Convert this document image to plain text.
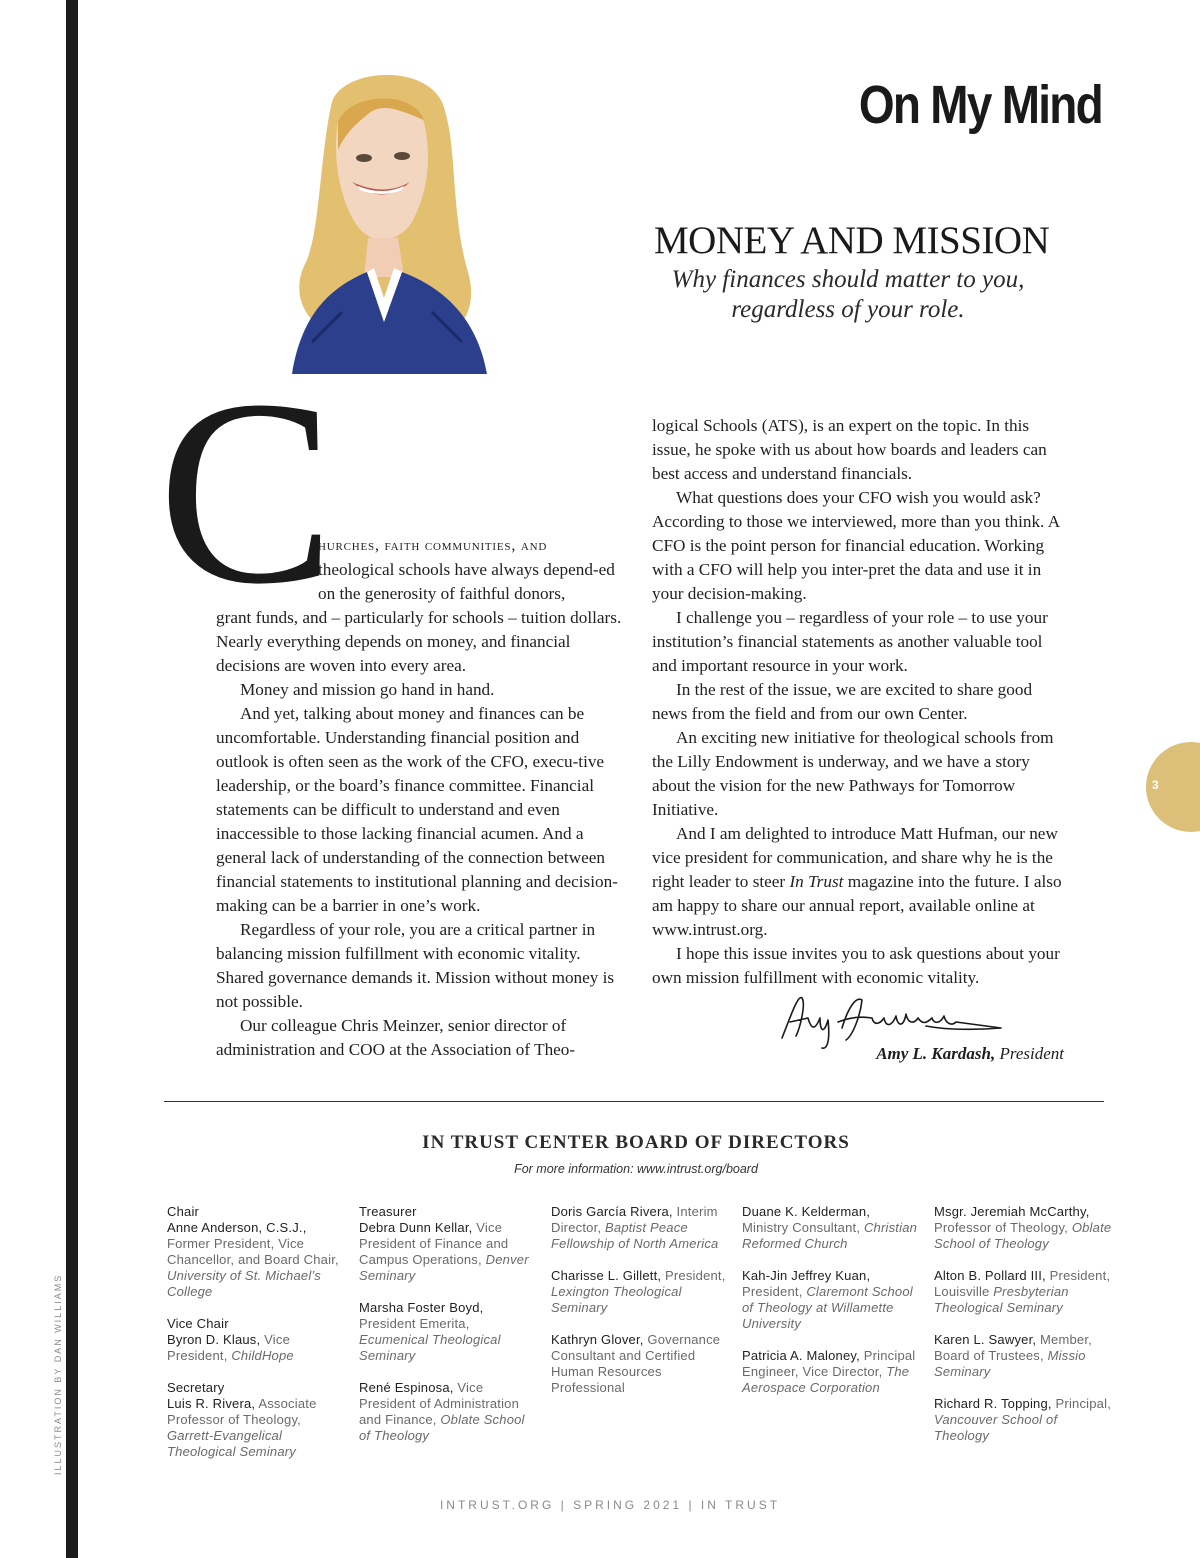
ILLUSTRATION BY DAN WILLIAMS
On My Mind
MONEY AND MISSION
Why finances should matter to you,
regardless of your role.
C
hurches, faith communities, and
theological schools have always depend-ed on the generosity of faithful donors,

grant funds, and – particularly for schools – tuition dollars. Nearly everything depends on money, and financial decisions are woven into every area.

Money and mission go hand in hand.

And yet, talking about money and finances can be uncomfortable. Understanding financial position and outlook is often seen as the work of the CFO, execu-tive leadership, or the board’s finance committee. Financial statements can be difficult to understand and even inaccessible to those lacking financial acumen. And a general lack of understanding of the connection between financial statements to institutional planning and decision-making can be a barrier in one’s work.

Regardless of your role, you are a critical partner in balancing mission fulfillment with economic vitality. Shared governance demands it. Mission without money is not possible.

Our colleague Chris Meinzer, senior director of administration and COO at the Association of Theo-

logical Schools (ATS), is an expert on the topic. In this issue, he spoke with us about how boards and leaders can best access and understand financials.

What questions does your CFO wish you would ask? According to those we interviewed, more than you think. A CFO is the point person for financial education. Working with a CFO will help you inter-pret the data and use it in your decision-making.

I challenge you – regardless of your role – to use your institution’s financial statements as another valuable tool and important resource in your work.

In the rest of the issue, we are excited to share good news from the field and from our own Center.

An exciting new initiative for theological schools from the Lilly Endowment is underway, and we have a story about the vision for the new Pathways for Tomorrow Initiative.

And I am delighted to introduce Matt Hufman, our new vice president for communication, and share why he is the right leader to steer In Trust magazine into the future. I also am happy to share our annual report, available online at www.intrust.org.

I hope this issue invites you to ask questions about your own mission fulfillment with economic vitality.

Amy L. Kardash, President
3
IN TRUST CENTER BOARD OF DIRECTORS
For more information: www.intrust.org/board
Chair
Anne Anderson, C.S.J., Former President, Vice Chancellor, and Board Chair, University of St. Michael’s College
Vice Chair
Byron D. Klaus, Vice President, ChildHope
Secretary
Luis R. Rivera, Associate Professor of Theology, Garrett-Evangelical Theological Seminary
Treasurer
Debra Dunn Kellar, Vice President of Finance and Campus Operations, Denver Seminary
Marsha Foster Boyd, President Emerita, Ecumenical Theological Seminary
René Espinosa, Vice President of Administration and Finance, Oblate School of Theology
Doris García Rivera, Interim Director, Baptist Peace Fellowship of North America
Charisse L. Gillett, President, Lexington Theological Seminary
Kathryn Glover, Governance Consultant and Certified Human Resources Professional
Duane K. Kelderman, Ministry Consultant, Christian Reformed Church
Kah-Jin Jeffrey Kuan, President, Claremont School of Theology at Willamette University
Patricia A. Maloney, Principal Engineer, Vice Director, The Aerospace Corporation
Msgr. Jeremiah McCarthy, Professor of Theology, Oblate School of Theology
Alton B. Pollard III, President, Louisville Presbyterian Theological Seminary
Karen L. Sawyer, Member, Board of Trustees, Missio Seminary
Richard R. Topping, Principal, Vancouver School of Theology
INTRUST.ORG | SPRING 2021 | IN TRUST
